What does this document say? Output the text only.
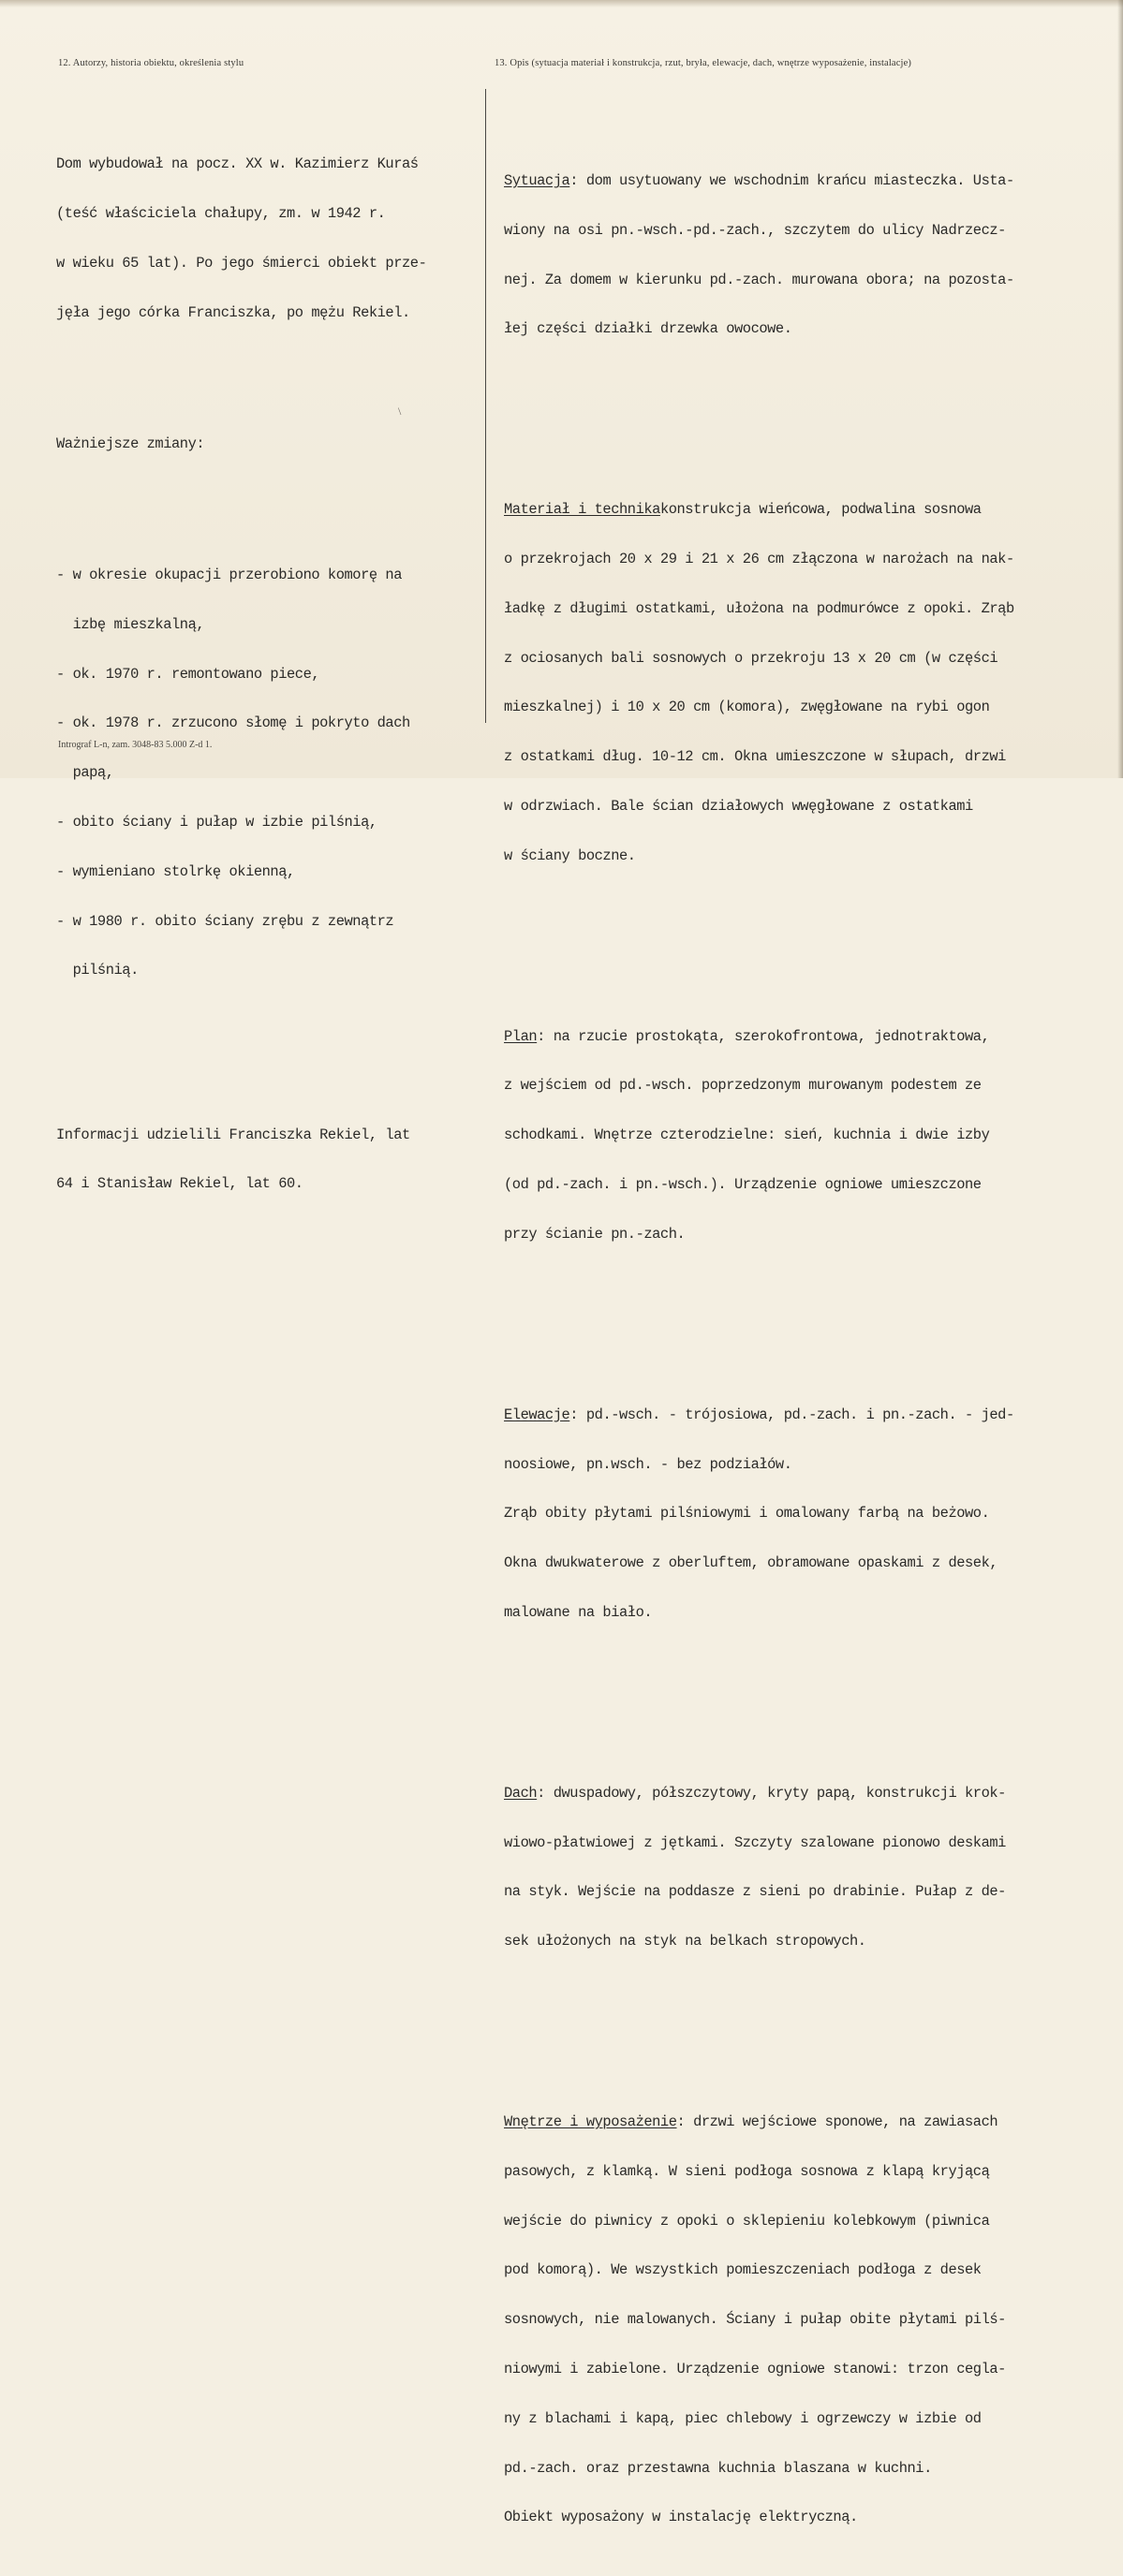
12. Autorzy, historia obiektu, określenia stylu	13. Opis (sytuacja materiał i konstrukcja, rzut, bryła, elewacje, dach, wnętrze wyposażenie, instalacje)

Dom wybudował na pocz. XX w. Kazimierz Kuraś

(teść właściciela chałupy, zm. w 1942 r.

w wieku 65 lat). Po jego śmierci obiekt prze-

jęła jego córka Franciszka, po mężu Rekiel.

Ważniejsze zmiany:

- w okresie okupacji przerobiono komorę na

izbę mieszkalną,

- ok. 1970 r. remontowano piece,

- ok. 1978 r. zrzucono słomę i pokryto dach

papą,

- obito ściany i pułap w izbie pilśnią,

- wymieniano stolrkę okienną,

- w 1980 r. obito ściany zrębu z zewnątrz

pilśnią.

Informacji udzielili Franciszka Rekiel, lat

64 i Stanisław Rekiel, lat 60.

\

Sytuacja: dom usytuowany we wschodnim krańcu miasteczka. Usta-

wiony na osi pn.-wsch.-pd.-zach., szczytem do ulicy Nadrzecz-

nej. Za domem w kierunku pd.-zach. murowana obora; na pozosta-

łej części działki drzewka owocowe.

Materiał i technikakonstrukcja wieńcowa, podwalina sosnowa

o przekrojach 20 x 29 i 21 x 26 cm złączona w narożach na nak-

ładkę z długimi ostatkami, ułożona na podmurówce z opoki. Zrąb

z ociosanych bali sosnowych o przekroju 13 x 20 cm (w części

mieszkalnej) i 10 x 20 cm (komora), zwęgłowane na rybi ogon

z ostatkami dług. 10-12 cm. Okna umieszczone w słupach, drzwi

w odrzwiach. Bale ścian działowych wwęgłowane z ostatkami

w ściany boczne.

Plan: na rzucie prostokąta, szerokofrontowa, jednotraktowa,

z wejściem od pd.-wsch. poprzedzonym murowanym podestem ze

schodkami. Wnętrze czterodzielne: sień, kuchnia i dwie izby

(od pd.-zach. i pn.-wsch.). Urządzenie ogniowe umieszczone

przy ścianie pn.-zach.

Elewacje: pd.-wsch. - trójosiowa, pd.-zach. i pn.-zach. - jed-

noosiowe, pn.wsch. - bez podziałów.

Zrąb obity płytami pilśniowymi i omalowany farbą na beżowo.

Okna dwukwaterowe z oberluftem, obramowane opaskami z desek,

malowane na biało.

Dach: dwuspadowy, półszczytowy, kryty papą, konstrukcji krok-

wiowo-płatwiowej z jętkami. Szczyty szalowane pionowo deskami

na styk. Wejście na poddasze z sieni po drabinie. Pułap z de-

sek ułożonych na styk na belkach stropowych.

Wnętrze i wyposażenie: drzwi wejściowe sponowe, na zawiasach

pasowych, z klamką. W sieni podłoga sosnowa z klapą kryjącą

wejście do piwnicy z opoki o sklepieniu kolebkowym (piwnica

pod komorą). We wszystkich pomieszczeniach podłoga z desek

sosnowych, nie malowanych. Ściany i pułap obite płytami pilś-

niowymi i zabielone. Urządzenie ogniowe stanowi: trzon cegla-

ny z blachami i kapą, piec chlebowy i ogrzewczy w izbie od

pd.-zach. oraz przestawna kuchnia blaszana w kuchni.

Obiekt wyposażony w instalację elektryczną.

Intrograf L-n, zam. 3048-83 5.000 Z-d 1.
